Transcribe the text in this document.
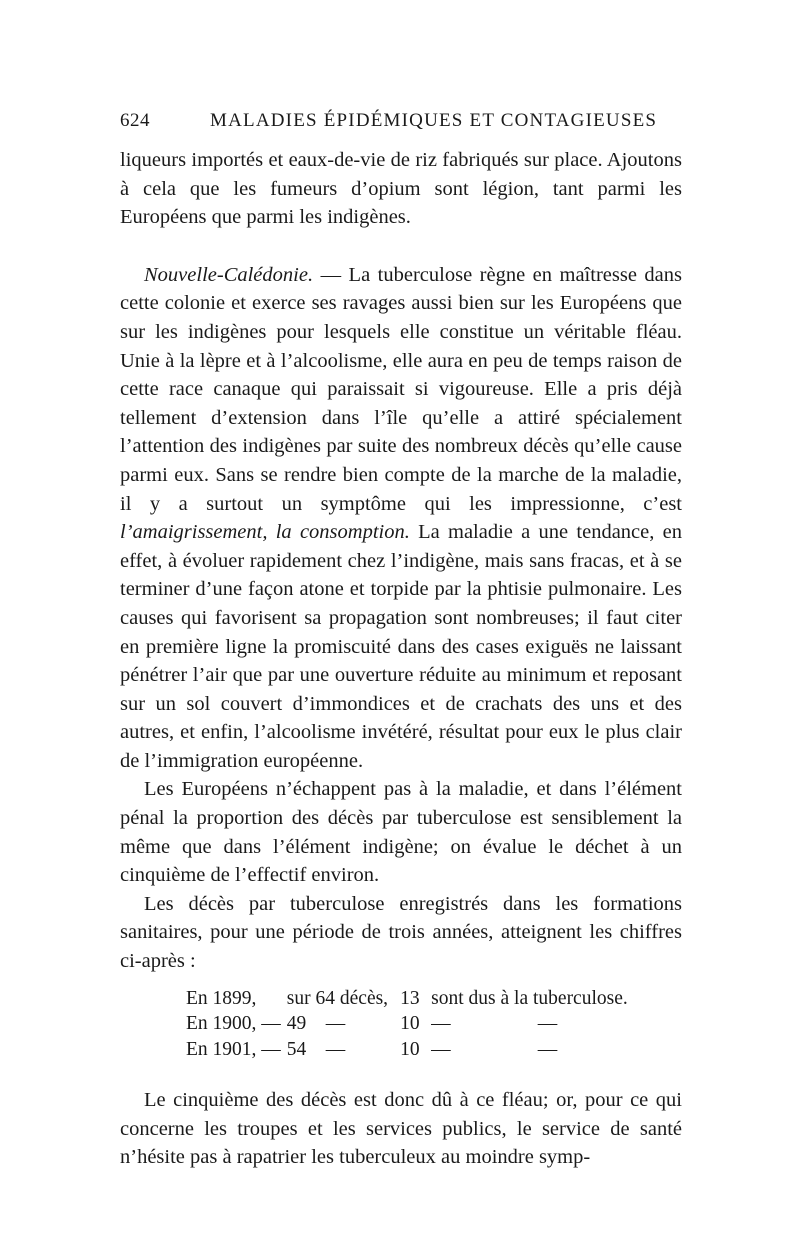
624	MALADIES ÉPIDÉMIQUES ET CONTAGIEUSES

liqueurs importés et eaux-de-vie de riz fabriqués sur place. Ajoutons à cela que les fumeurs d’opium sont légion, tant parmi les Européens que parmi les indigènes.

Nouvelle-Calédonie. — La tuberculose règne en maîtresse dans cette colonie et exerce ses ravages aussi bien sur les Européens que sur les indigènes pour lesquels elle constitue un véritable fléau. Unie à la lèpre et à l’alcoolisme, elle aura en peu de temps raison de cette race canaque qui paraissait si vigoureuse. Elle a pris déjà tellement d’extension dans l’île qu’elle a attiré spécialement l’attention des indigènes par suite des nombreux décès qu’elle cause parmi eux. Sans se rendre bien compte de la marche de la maladie, il y a surtout un symptôme qui les impressionne, c’est l’amaigrissement, la consomption. La maladie a une tendance, en effet, à évoluer rapidement chez l’indigène, mais sans fracas, et à se terminer d’une façon atone et torpide par la phtisie pulmonaire. Les causes qui favorisent sa propagation sont nombreuses; il faut citer en première ligne la promiscuité dans des cases exiguës ne laissant pénétrer l’air que par une ouverture réduite au minimum et reposant sur un sol couvert d’immondices et de crachats des uns et des autres, et enfin, l’alcoolisme invétéré, résultat pour eux le plus clair de l’immigration européenne.

Les Européens n’échappent pas à la maladie, et dans l’élément pénal la proportion des décès par tuberculose est sensiblement la même que dans l’élément indigène; on évalue le déchet à un cinquième de l’effectif environ.

Les décès par tuberculose enregistrés dans les formations sanitaires, pour une période de trois années, atteignent les chiffres ci-après :

En 1899,	sur 64 décès,	13	sont dus à la tuberculose.		
En 1900, —	49 —	10	—	—	
En 1901, —	54 —	10	—	—	

Le cinquième des décès est donc dû à ce fléau; or, pour ce qui concerne les troupes et les services publics, le service de santé n’hésite pas à rapatrier les tuberculeux au moindre symp-
